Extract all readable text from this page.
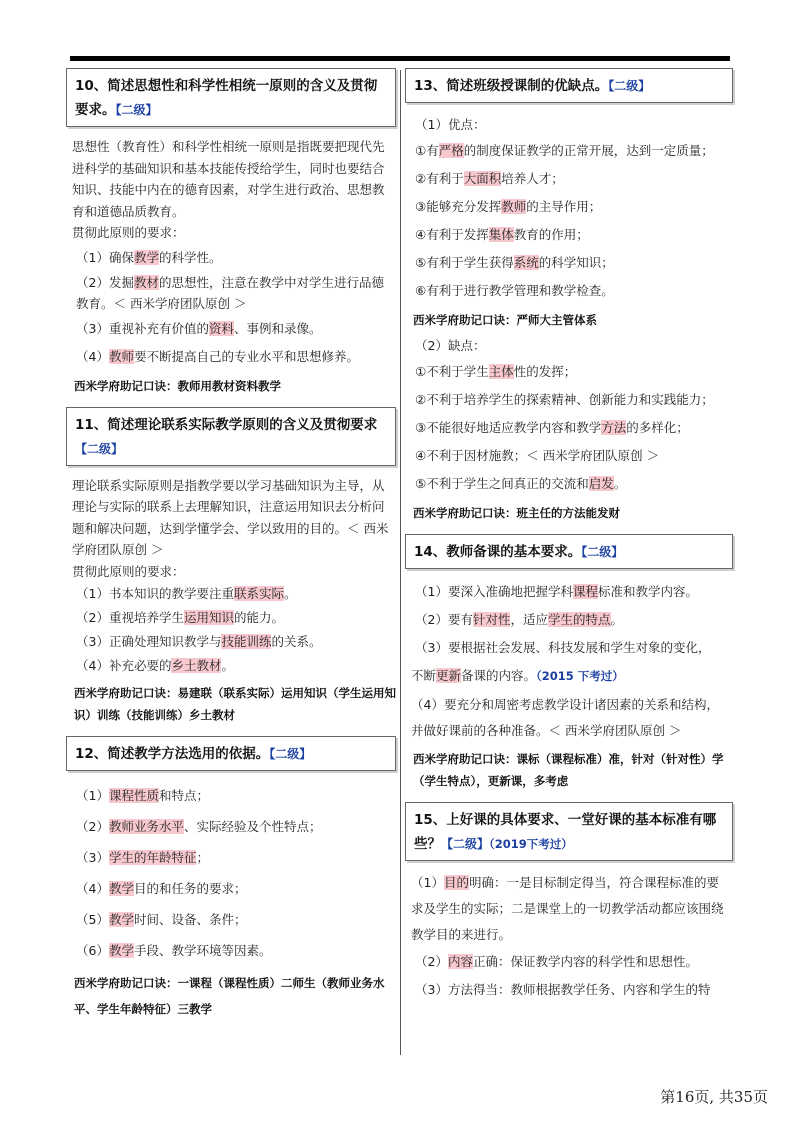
10、简述思想性和科学性相统一原则的含义及贯彻要求。【二级】
思想性（教育性）和科学性相统一原则是指既要把现代先进科学的基础知识和基本技能传授给学生，同时也要结合知识、技能中内在的德育因素，对学生进行政治、思想教育和道德品质教育。
贯彻此原则的要求：
（1）确保教学的科学性。
（2）发掘教材的思想性，注意在教学中对学生进行品德教育。＜ 西米学府团队原创 ＞
（3）重视补充有价值的资料、事例和录像。
（4）教师要不断提高自己的专业水平和思想修养。
西米学府助记口诀：教师用教材资料教学
11、简述理论联系实际教学原则的含义及贯彻要求
【二级】
理论联系实际原则是指教学要以学习基础知识为主导，从理论与实际的联系上去理解知识，注意运用知识去分析问题和解决问题，达到学懂学会、学以致用的目的。＜ 西米学府团队原创 ＞
贯彻此原则的要求：
（1）书本知识的教学要注重联系实际。
（2）重视培养学生运用知识的能力。
（3）正确处理知识教学与技能训练的关系。
（4）补充必要的乡土教材。
西米学府助记口诀：易建联（联系实际）运用知识（学生运用知识）训练（技能训练）乡土教材
12、简述教学方法选用的依据。【二级】
（1）课程性质和特点；
（2）教师业务水平、实际经验及个性特点；
（3）学生的年龄特征；
（4）教学目的和任务的要求；
（5）教学时间、设备、条件；
（6）教学手段、教学环境等因素。
西米学府助记口诀：一课程（课程性质）二师生（教师业务水平、学生年龄特征）三教学
13、简述班级授课制的优缺点。【二级】
（1）优点：
①有严格的制度保证教学的正常开展，达到一定质量；
②有利于大面积培养人才；
③能够充分发挥教师的主导作用；
④有利于发挥集体教育的作用；
⑤有利于学生获得系统的科学知识；
⑥有利于进行教学管理和教学检查。
西米学府助记口诀：严师大主管体系
（2）缺点：
①不利于学生主体性的发挥；
②不利于培养学生的探索精神、创新能力和实践能力；
③不能很好地适应教学内容和教学方法的多样化；
④不利于因材施教；＜ 西米学府团队原创 ＞
⑤不利于学生之间真正的交流和启发。
西米学府助记口诀：班主任的方法能发财
14、教师备课的基本要求。【二级】
（1）要深入准确地把握学科课程标准和教学内容。
（2）要有针对性，适应学生的特点。
（3）要根据社会发展、科技发展和学生对象的变化，
不断更新备课的内容。（2015 下考过）
（4）要充分和周密考虑教学设计诸因素的关系和结构，并做好课前的各种准备。＜ 西米学府团队原创 ＞
西米学府助记口诀：课标（课程标准）准，针对（针对性）学（学生特点），更新课，多考虑
15、上好课的具体要求、一堂好课的基本标准有哪些？【二级】（2019下考过）
（1）目的明确：一是目标制定得当，符合课程标准的要求及学生的实际；二是课堂上的一切教学活动都应该围绕教学目的来进行。
（2）内容正确：保证教学内容的科学性和思想性。
（3）方法得当：教师根据教学任务、内容和学生的特
第16页, 共35页
